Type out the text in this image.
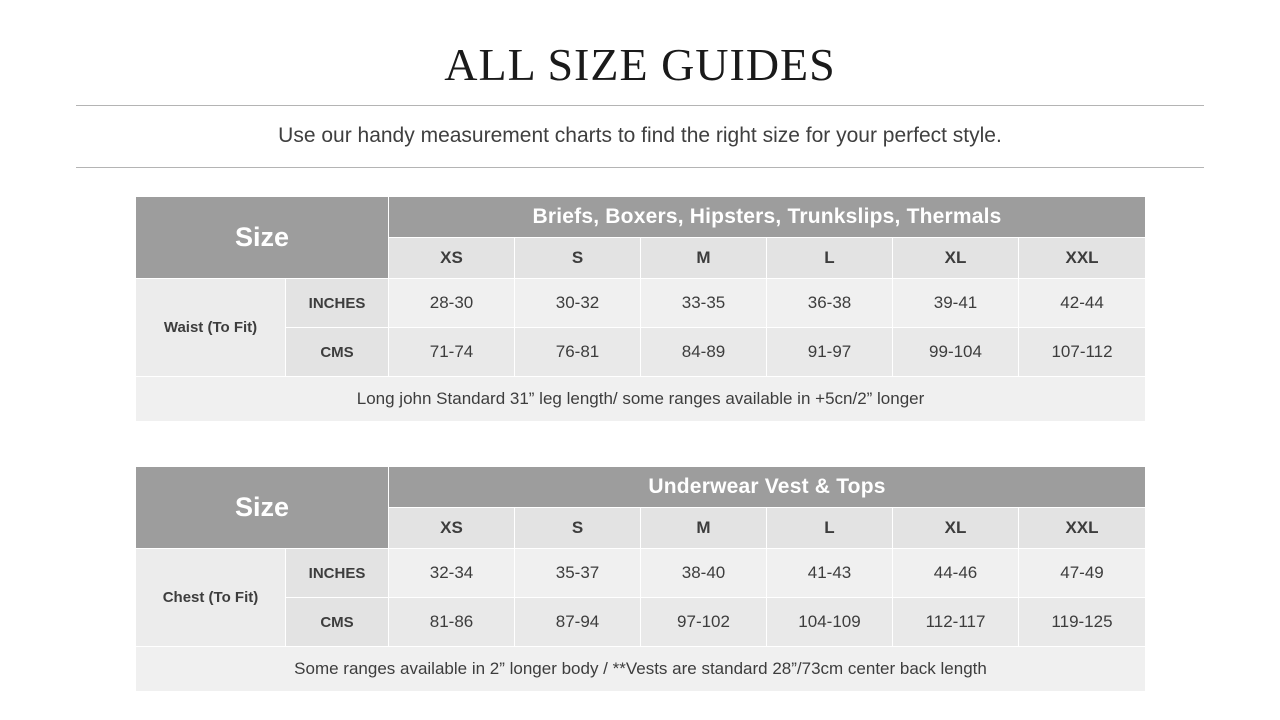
ALL SIZE GUIDES
Use our handy measurement charts to find the right size for your perfect style.
Size		Briefs, Boxers, Hipsters, Trunkslips, Thermals					
		XS	S	M	L	XL	XXL
Waist (To Fit)	INCHES	28-30	30-32	33-35	36-38	39-41	42-44
	CMS	71-74	76-81	84-89	91-97	99-104	107-112
Long john Standard 31” leg length/ some ranges available in +5cn/2” longer							
Size		Underwear Vest & Tops					
		XS	S	M	L	XL	XXL
Chest (To Fit)	INCHES	32-34	35-37	38-40	41-43	44-46	47-49
	CMS	81-86	87-94	97-102	104-109	112-117	119-125
Some ranges available in 2” longer body / **Vests are standard 28”/73cm center back length							
